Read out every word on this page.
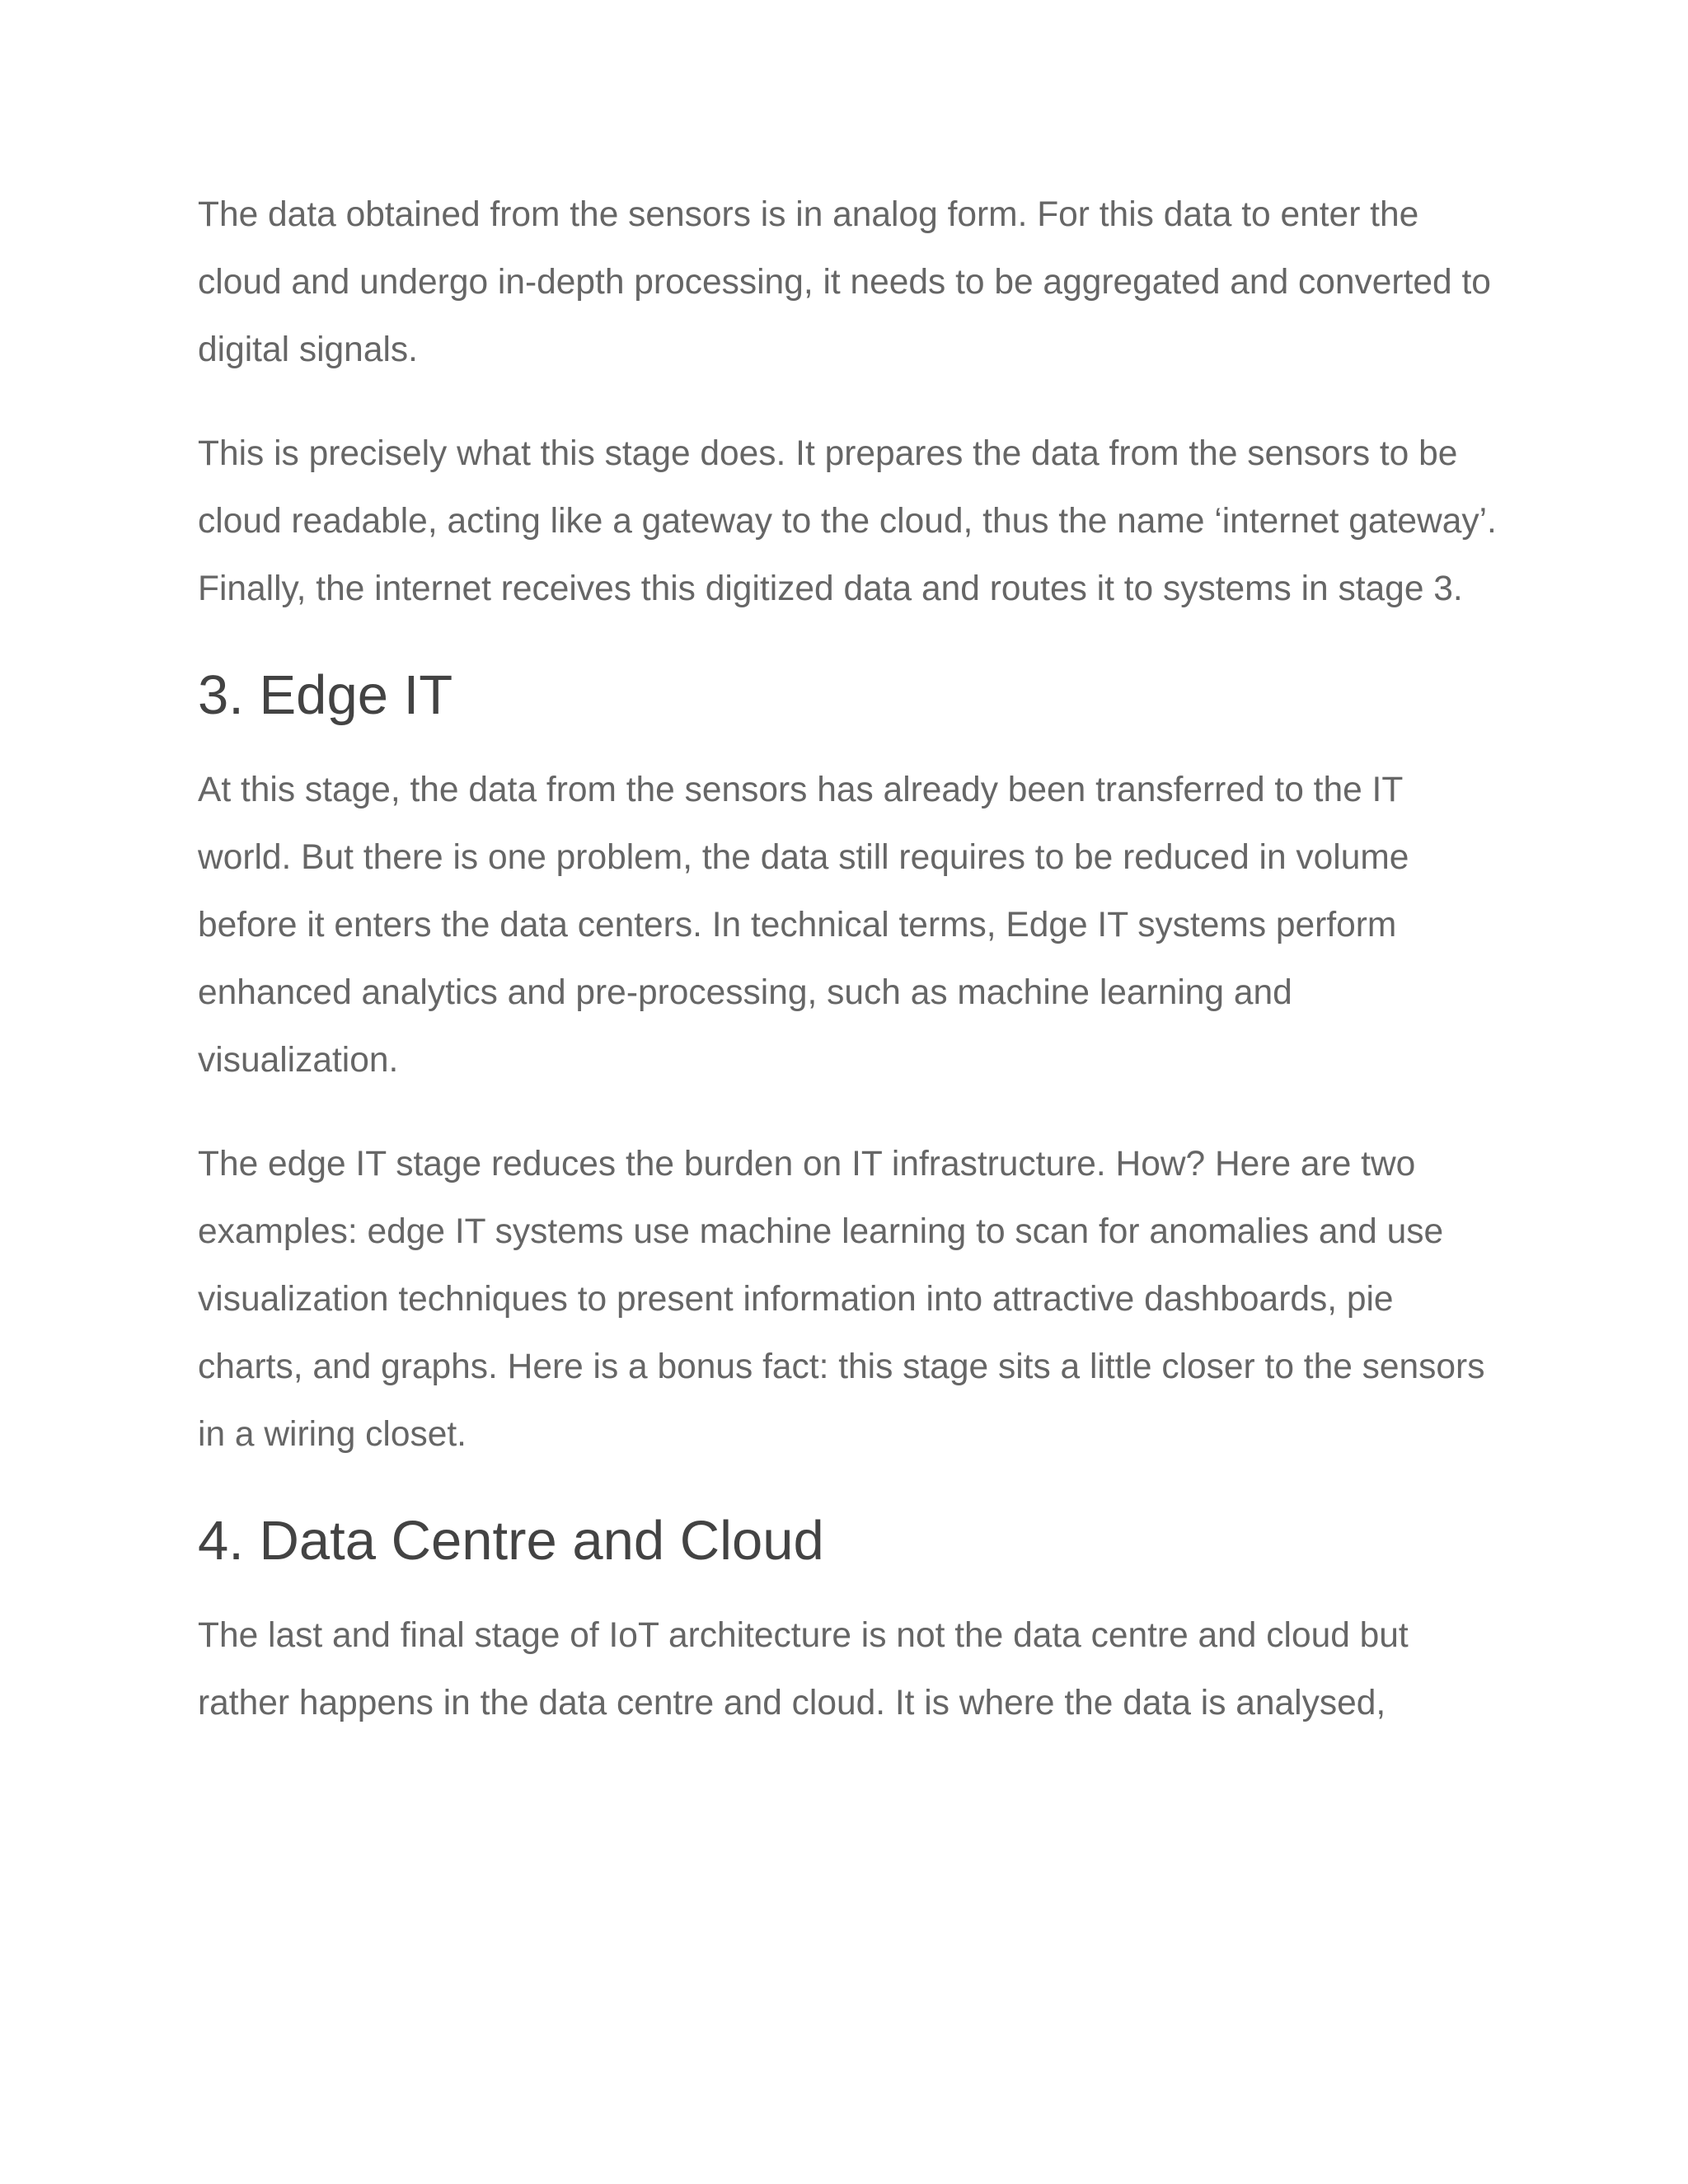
The data obtained from the sensors is in analog form. For this data to enter the cloud and undergo in-depth processing, it needs to be aggregated and converted to digital signals.

This is precisely what this stage does. It prepares the data from the sensors to be cloud readable, acting like a gateway to the cloud, thus the name ‘internet gateway’. Finally, the internet receives this digitized data and routes it to systems in stage 3.

3. Edge IT

At this stage, the data from the sensors has already been transferred to the IT world. But there is one problem, the data still requires to be reduced in volume before it enters the data centers. In technical terms, Edge IT systems perform enhanced analytics and pre-processing, such as machine learning and visualization.

The edge IT stage reduces the burden on IT infrastructure. How? Here are two examples: edge IT systems use machine learning to scan for anomalies and use visualization techniques to present information into attractive dashboards, pie charts, and graphs. Here is a bonus fact: this stage sits a little closer to the sensors in a wiring closet.

4. Data Centre and Cloud

The last and final stage of IoT architecture is not the data centre and cloud but rather happens in the data centre and cloud. It is where the data is analysed,
